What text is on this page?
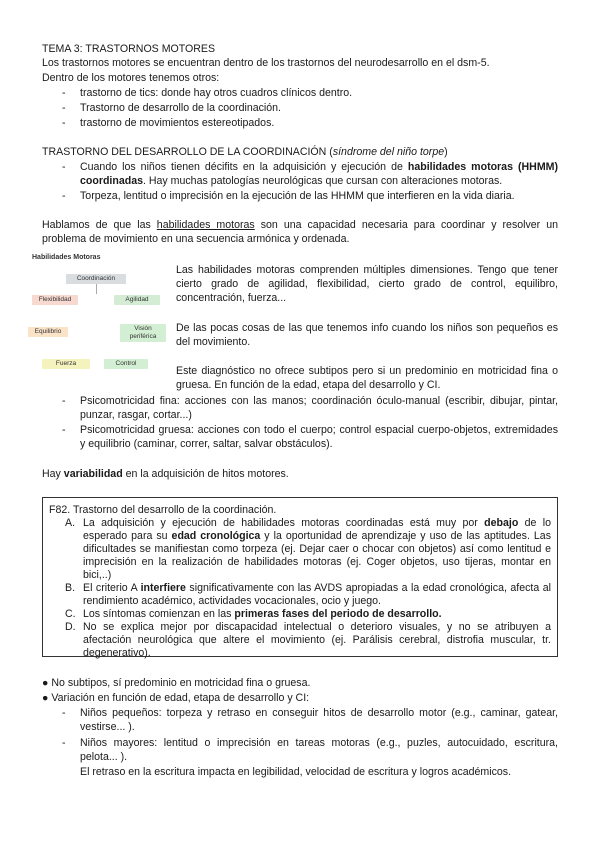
TEMA 3: TRASTORNOS MOTORES
Los trastornos motores se encuentran dentro de los trastornos del neurodesarrollo en el dsm-5.
Dentro de los motores tenemos otros:
- trastorno de tics: donde hay otros cuadros clínicos dentro.
- Trastorno de desarrollo de la coordinación.
- trastorno de movimientos estereotipados.
TRASTORNO DEL DESARROLLO DE LA COORDINACIÓN (síndrome del niño torpe)
- Cuando los niños tienen décifits en la adquisición y ejecución de habilidades motoras (HHMM) coordinadas. Hay muchas patologías neurológicas que cursan con alteraciones motoras.
- Torpeza, lentitud o imprecisión en la ejecución de las HHMM que interfieren en la vida diaria.
Hablamos de que las habilidades motoras son una capacidad necesaria para coordinar y resolver un problema de movimiento en una secuencia armónica y ordenada.
Habilidades Motoras
Coordinación
Flexibilidad	Agilidad
Equilibrio	Visión periférica
Fuerza	Control
Las habilidades motoras comprenden múltiples dimensiones. Tengo que tener cierto grado de agilidad, flexibilidad, cierto grado de control, equilibro, concentración, fuerza...
De las pocas cosas de las que tenemos info cuando los niños son pequeños es del movimiento.
Este diagnóstico no ofrece subtipos pero si un predominio en motricidad fina o gruesa. En función de la edad, etapa del desarrollo y CI.
- Psicomotricidad fina: acciones con las manos; coordinación óculo-manual (escribir, dibujar, pintar, punzar, rasgar, cortar...)
- Psicomotricidad gruesa: acciones con todo el cuerpo; control espacial cuerpo-objetos, extremidades y equilibrio (caminar, correr, saltar, salvar obstáculos).
Hay variabilidad en la adquisición de hitos motores.
F82. Trastorno del desarrollo de la coordinación.
A. La adquisición y ejecución de habilidades motoras coordinadas está muy por debajo de lo esperado para su edad cronológica y la oportunidad de aprendizaje y uso de las aptitudes. Las dificultades se manifiestan como torpeza (ej. Dejar caer o chocar con objetos) así como lentitud e imprecisión en la realización de habilidades motoras (ej. Coger objetos, uso tijeras, montar en bici,..)
B. El criterio A interfiere significativamente con las AVDS apropiadas a la edad cronológica, afecta al rendimiento académico, actividades vocacionales, ocio y juego.
C. Los síntomas comienzan en las primeras fases del periodo de desarrollo.
D. No se explica mejor por discapacidad intelectual o deterioro visuales, y no se atribuyen a afectación neurológica que altere el movimiento (ej. Parálisis cerebral, distrofia muscular, tr. degenerativo).
● No subtipos, sí predominio en motricidad fina o gruesa.
● Variación en función de edad, etapa de desarrollo y CI:
- Niños pequeños: torpeza y retraso en conseguir hitos de desarrollo motor (e.g., caminar, gatear, vestirse... ).
- Niños mayores: lentitud o imprecisión en tareas motoras (e.g., puzles, autocuidado, escritura, pelota... ).
El retraso en la escritura impacta en legibilidad, velocidad de escritura y logros académicos.
